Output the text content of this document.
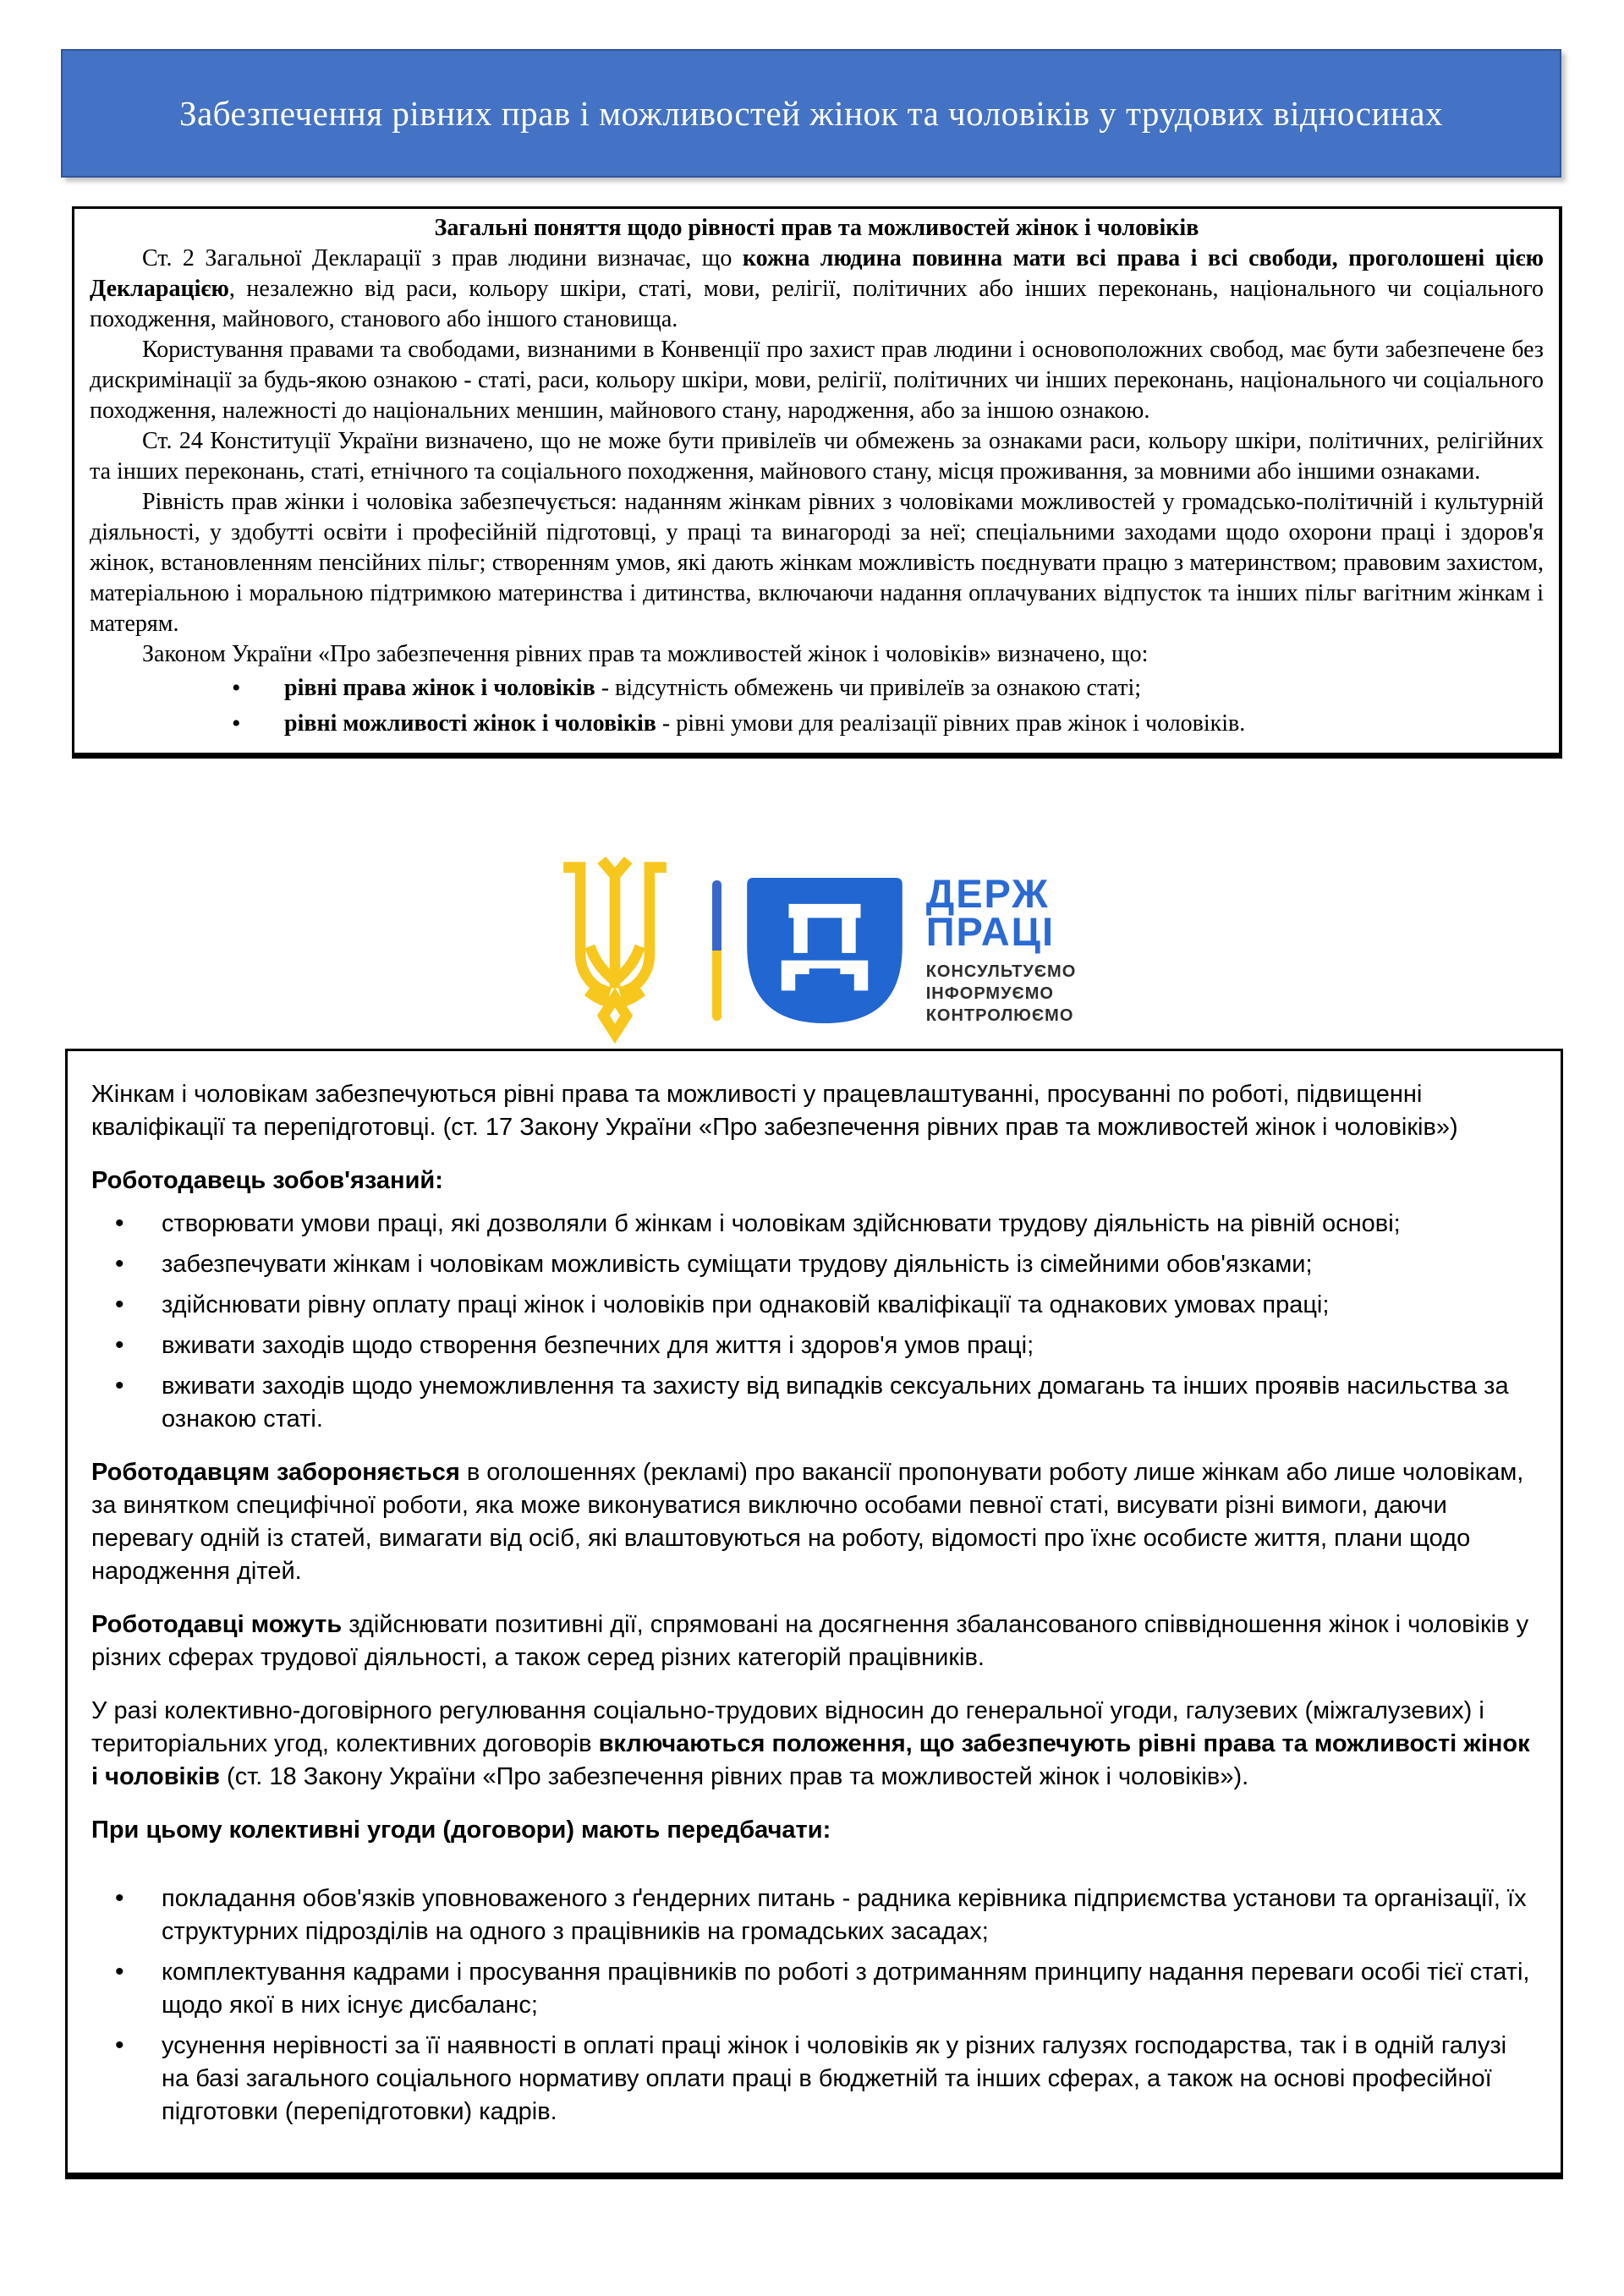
Забезпечення рівних прав і можливостей жінок та чоловіків у трудових відносинах
Загальні поняття щодо рівності прав та можливостей жінок і чоловіків

Ст. 2 Загальної Декларації з прав людини визначає, що кожна людина повинна мати всі права і всі свободи, проголошені цією Декларацією, незалежно від раси, кольору шкіри, статі, мови, релігії, політичних або інших переконань, національного чи соціального походження, майнового, станового або іншого становища.

Користування правами та свободами, визнаними в Конвенції про захист прав людини і основоположних свобод, має бути забезпечене без дискримінації за будь-якою ознакою - статі, раси, кольору шкіри, мови, релігії, політичних чи інших переконань, національного чи соціального походження, належності до національних меншин, майнового стану, народження, або за іншою ознакою.

Ст. 24 Конституції України визначено, що не може бути привілеїв чи обмежень за ознаками раси, кольору шкіри, політичних, релігійних та інших переконань, статі, етнічного та соціального походження, майнового стану, місця проживання, за мовними або іншими ознаками.

Рівність прав жінки і чоловіка забезпечується: наданням жінкам рівних з чоловіками можливостей у громадсько-політичній і культурній діяльності, у здобутті освіти і професійній підготовці, у праці та винагороді за неї; спеціальними заходами щодо охорони праці і здоров'я жінок, встановленням пенсійних пільг; створенням умов, які дають жінкам можливість поєднувати працю з материнством; правовим захистом, матеріальною і моральною підтримкою материнства і дитинства, включаючи надання оплачуваних відпусток та інших пільг вагітним жінкам і матерям.

Законом України «Про забезпечення рівних прав та можливостей жінок і чоловіків» визначено, що:

• рівні права жінок і чоловіків - відсутність обмежень чи привілеїв за ознакою статі;
• рівні можливості жінок і чоловіків - рівні умови для реалізації рівних прав жінок і чоловіків.
ДЕРЖ
ПРАЦІ
КОНСУЛЬТУЄМО
ІНФОРМУЄМО
КОНТРОЛЮЄМО

Жінкам і чоловікам забезпечуються рівні права та можливості у працевлаштуванні, просуванні по роботі, підвищенні кваліфікації та перепідготовці. (ст. 17 Закону України «Про забезпечення рівних прав та можливостей жінок і чоловіків»)

Роботодавець зобов'язаний:

• створювати умови праці, які дозволяли б жінкам і чоловікам здійснювати трудову діяльність на рівній основі;
• забезпечувати жінкам і чоловікам можливість суміщати трудову діяльність із сімейними обов'язками;
• здійснювати рівну оплату праці жінок і чоловіків при однаковій кваліфікації та однакових умовах праці;
• вживати заходів щодо створення безпечних для життя і здоров'я умов праці;
• вживати заходів щодо унеможливлення та захисту від випадків сексуальних домагань та інших проявів насильства за ознакою статі.

Роботодавцям забороняється в оголошеннях (рекламі) про вакансії пропонувати роботу лише жінкам або лише чоловікам, за винятком специфічної роботи, яка може виконуватися виключно особами певної статі, висувати різні вимоги, даючи перевагу одній із статей, вимагати від осіб, які влаштовуються на роботу, відомості про їхнє особисте життя, плани щодо народження дітей.

Роботодавці можуть здійснювати позитивні дії, спрямовані на досягнення збалансованого співвідношення жінок і чоловіків у різних сферах трудової діяльності, а також серед різних категорій працівників.

У разі колективно-договірного регулювання соціально-трудових відносин до генеральної угоди, галузевих (міжгалузевих) і територіальних угод, колективних договорів включаються положення, що забезпечують рівні права та можливості жінок і чоловіків (ст. 18 Закону України «Про забезпечення рівних прав та можливостей жінок і чоловіків»).

При цьому колективні угоди (договори) мають передбачати:

• покладання обов'язків уповноваженого з ґендерних питань - радника керівника підприємства установи та організації, їх структурних підрозділів на одного з працівників на громадських засадах;
• комплектування кадрами і просування працівників по роботі з дотриманням принципу надання переваги особі тієї статі, щодо якої в них існує дисбаланс;
• усунення нерівності за її наявності в оплаті праці жінок і чоловіків як у різних галузях господарства, так і в одній галузі на базі загального соціального нормативу оплати праці в бюджетній та інших сферах, а також на основі професійної підготовки (перепідготовки) кадрів.
